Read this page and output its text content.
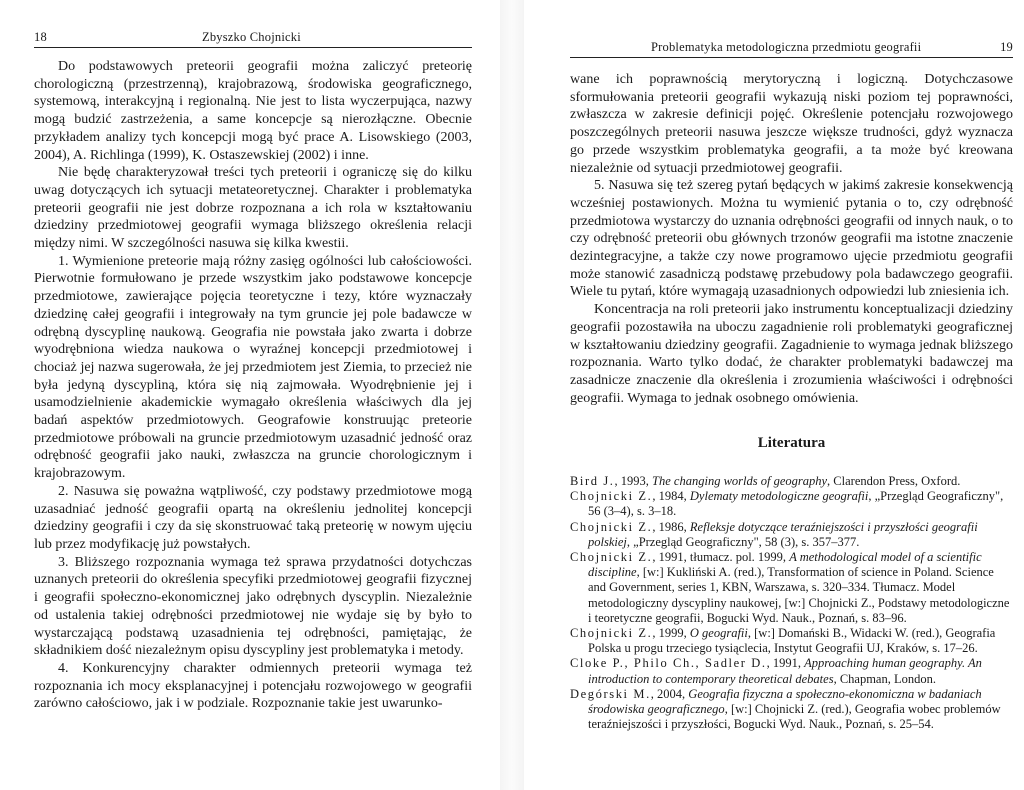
18	Zbyszko Chojnicki

Do podstawowych preteorii geografii można zaliczyć preteorię chorologiczną (przestrzenną), krajobrazową, środowiska geograficznego, systemową, interakcyjną i regionalną. Nie jest to lista wyczerpująca, nazwy mogą budzić zastrzeżenia, a same koncepcje są nierozłączne. Obecnie przykładem analizy tych koncepcji mogą być prace A. Lisowskiego (2003, 2004), A. Richlinga (1999), K. Ostaszewskiej (2002) i inne.

Nie będę charakteryzował treści tych preteorii i ograniczę się do kilku uwag dotyczących ich sytuacji metateoretycznej. Charakter i problematyka preteorii geografii nie jest dobrze rozpoznana a ich rola w kształtowaniu dziedziny przedmiotowej geografii wymaga bliższego określenia relacji między nimi. W szczególności nasuwa się kilka kwestii.

1. Wymienione preteorie mają różny zasięg ogólności lub całościowości. Pierwotnie formułowano je przede wszystkim jako podstawowe koncepcje przedmiotowe, zawierające pojęcia teoretyczne i tezy, które wyznaczały dziedzinę całej geografii i integrowały na tym gruncie jej pole badawcze w odrębną dyscyplinę naukową. Geografia nie powstała jako zwarta i dobrze wyodrębniona wiedza naukowa o wyraźnej koncepcji przedmiotowej i chociaż jej nazwa sugerowała, że jej przedmiotem jest Ziemia, to przecież nie była jedyną dyscypliną, która się nią zajmowała. Wyodrębnienie jej i usamodzielnienie akademickie wymagało określenia właściwych dla jej badań aspektów przedmiotowych. Geografowie konstruując preteorie przedmiotowe próbowali na gruncie przedmiotowym uzasadnić jedność oraz odrębność geografii jako nauki, zwłaszcza na gruncie chorologicznym i krajobrazowym.

2. Nasuwa się poważna wątpliwość, czy podstawy przedmiotowe mogą uzasadniać jedność geografii opartą na określeniu jednolitej koncepcji dziedziny geografii i czy da się skonstruować taką preteorię w nowym ujęciu lub przez modyfikację już powstałych.

3. Bliższego rozpoznania wymaga też sprawa przydatności dotychczas uznanych preteorii do określenia specyfiki przedmiotowej geografii fizycznej i geografii społeczno-ekonomicznej jako odrębnych dyscyplin. Niezależnie od ustalenia takiej odrębności przedmiotowej nie wydaje się by było to wystarczającą podstawą uzasadnienia tej odrębności, pamiętając, że składnikiem dość niezależnym opisu dyscypliny jest problematyka i metody.

4. Konkurencyjny charakter odmiennych preteorii wymaga też rozpoznania ich mocy eksplanacyjnej i potencjału rozwojowego w geografii zarówno całościowo, jak i w podziale. Rozpoznanie takie jest uwarunko-

Problematyka metodologiczna przedmiotu geografii	19

wane ich poprawnością merytoryczną i logiczną. Dotychczasowe sformułowania preteorii geografii wykazują niski poziom tej poprawności, zwłaszcza w zakresie definicji pojęć. Określenie potencjału rozwojowego poszczególnych preteorii nasuwa jeszcze większe trudności, gdyż wyznacza go przede wszystkim problematyka geografii, a ta może być kreowana niezależnie od sytuacji przedmiotowej geografii.

5. Nasuwa się też szereg pytań będących w jakimś zakresie konsekwencją wcześniej postawionych. Można tu wymienić pytania o to, czy odrębność przedmiotowa wystarczy do uznania odrębności geografii od innych nauk, o to czy odrębność preteorii obu głównych trzonów geografii ma istotne znaczenie dezintegracyjne, a także czy nowe programowo ujęcie przedmiotu geografii może stanowić zasadniczą podstawę przebudowy pola badawczego geografii. Wiele tu pytań, które wymagają uzasadnionych odpowiedzi lub zniesienia ich.

Koncentracja na roli preteorii jako instrumentu konceptualizacji dziedziny geografii pozostawiła na uboczu zagadnienie roli problematyki geograficznej w kształtowaniu dziedziny geografii. Zagadnienie to wymaga jednak bliższego rozpoznania. Warto tylko dodać, że charakter problematyki badawczej ma zasadnicze znaczenie dla określenia i zrozumienia właściwości i odrębności geografii. Wymaga to jednak osobnego omówienia.

Literatura

Bird J., 1993, The changing worlds of geography, Clarendon Press, Oxford.

Chojnicki Z., 1984, Dylematy metodologiczne geografii, „Przegląd Geograficzny", 56 (3–4), s. 3–18.

Chojnicki Z., 1986, Refleksje dotyczące teraźniejszości i przyszłości geografii polskiej, „Przegląd Geograficzny", 58 (3), s. 357–377.

Chojnicki Z., 1991, tłumacz. pol. 1999, A methodological model of a scientific discipline, [w:] Kukliński A. (red.), Transformation of science in Poland. Science and Government, series 1, KBN, Warszawa, s. 320–334. Tłumacz. Model metodologiczny dyscypliny naukowej, [w:] Chojnicki Z., Podstawy metodologiczne i teoretyczne geografii, Bogucki Wyd. Nauk., Poznań, s. 83–96.

Chojnicki Z., 1999, O geografii, [w:] Domański B., Widacki W. (red.), Geografia Polska u progu trzeciego tysiąclecia, Instytut Geografii UJ, Kraków, s. 17–26.

Cloke P., Philo Ch., Sadler D., 1991, Approaching human geography. An introduction to contemporary theoretical debates, Chapman, London.

Degórski M., 2004, Geografia fizyczna a społeczno-ekonomiczna w badaniach środowiska geograficznego, [w:] Chojnicki Z. (red.), Geografia wobec problemów teraźniejszości i przyszłości, Bogucki Wyd. Nauk., Poznań, s. 25–54.
